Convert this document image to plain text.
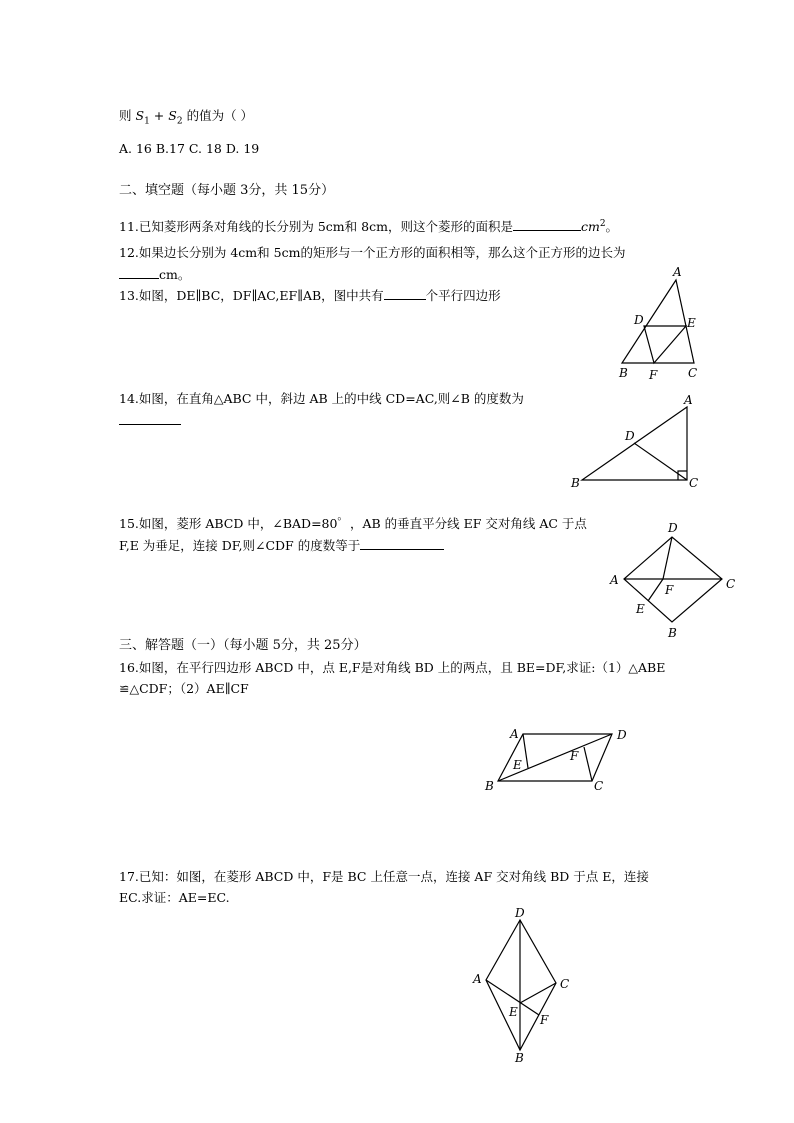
则 $S_1 + S_2$ 的值为（ ）
A. 16 B.17 C. 18 D. 19
二、填空题（每小题 3分，共 15分）
11.已知菱形两条对角线的长分别为 5cm和 8cm，则这个菱形的面积是	$cm^2$。
12.如果边长分别为 4cm和 5cm的矩形与一个正方形的面积相等，那么这个正方形的边长为
cm。
13.如图，DE∥BC，DF∥AC,EF∥AB，图中共有	个平行四边形
A
D	E
B F	C
14.如图，在直角△ABC 中，斜边 AB 上的中线 CD=AC,则∠B 的度数为	A
D
B	C
15.如图，菱形 ABCD 中，∠BAD=80゜，AB 的垂直平分线 EF 交对角线 AC 于点
F,E 为垂足，连接 DF,则∠CDF 的度数等于
D
A
F	C
E
B
三、解答题（一）（每小题 5分，共 25分）
16.如图，在平行四边形 ABCD 中，点 E,F是对角线 BD 上的两点，且 BE=DF,求证:（1）△ABE
≌△CDF；（2）AE∥CF
A	D
E
F
B	C
17.已知：如图，在菱形 ABCD 中，F是 BC 上任意一点，连接 AF 交对角线 BD 于点 E，连接
EC.求证：AE=EC.
D
A	C
E
F
B
